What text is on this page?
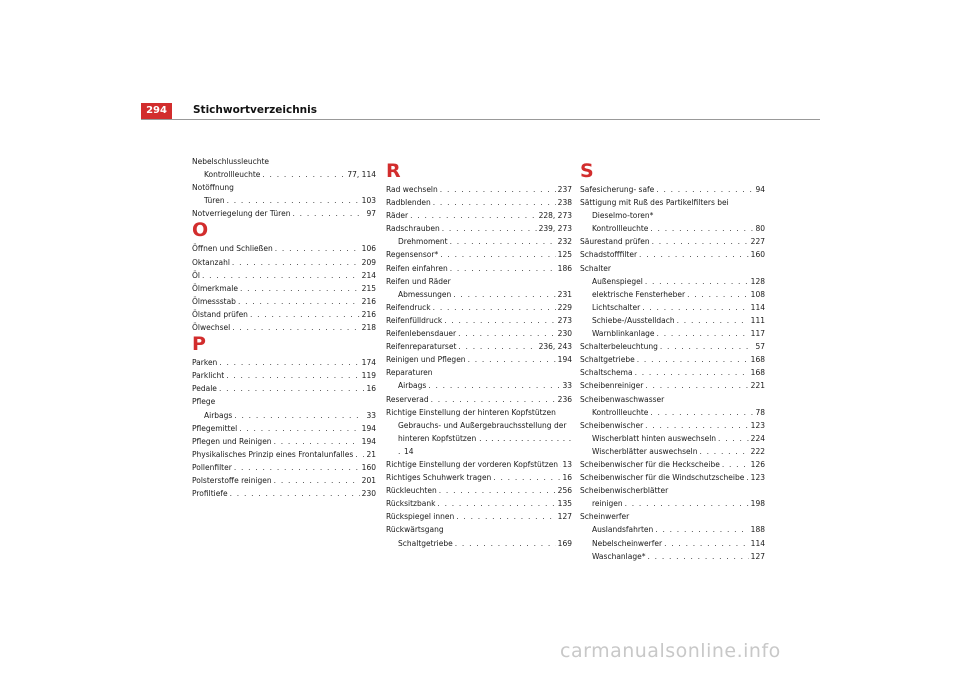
294	Stichwortverzeichnis
Nebelschlussleuchte
Kontrollleuchte . . .	77, 114
Notöffnung
Türen . . .	103
Notverriegelung der Türen . . .	97
O
Öffnen und Schließen . . .	106
Oktanzahl . . .	209
Öl . . .	214
Ölmerkmale . . .	215
Ölmessstab . . .	216
Ölstand prüfen . . .	216
Ölwechsel . . .	218
P
Parken . . .	174
Parklicht . . .	119
Pedale . . .	16
Pflege
Airbags . . .	33
Pflegemittel . . .	194
Pflegen und Reinigen . . .	194
Physikalisches Prinzip eines Frontalunfalles . . . 21
Pollenfilter . . .	160
Polsterstoffe reinigen . . .	201
Profiltiefe . . .	230
R
Rad wechseln . . .	237
Radblenden . . .	238
Räder . . .	228, 273
Radschrauben . . .	239, 273
Drehmoment . . .	232
Regensensor* . . .	125
Reifen einfahren . . .	186
Reifen und Räder
Abmessungen . . .	231
Reifendruck . . .	229
Reifenfülldruck . . .	273
Reifenlebensdauer . . .	230
Reifenreparaturset . . .	236, 243
Reinigen und Pflegen . . .	194
Reparaturen
Airbags . . .	33
Reserverad . . .	236
Richtige Einstellung der hinteren Kopfstützen
Gebrauchs- und Außergebrauchsstellung der hinteren Kopfstützen . . . . . . . . . . . . . . . . . 14
Richtige Einstellung der vorderen Kopfstützen . . . 13
Richtiges Schuhwerk tragen . . .	16
Rückleuchten . . .	256
Rücksitzbank . . .	135
Rückspiegel innen . . .	127
Rückwärtsgang
Schaltgetriebe . . .	169
S
Safesicherung- safe . . .	94
Sättigung mit Ruß des Partikelfilters bei Dieselmo-toren*
Kontrollleuchte . . .	80
Säurestand prüfen . . .	227
Schadstofffilter . . .	160
Schalter
Außenspiegel . . .	128
elektrische Fensterheber . . .	108
Lichtschalter . . .	114
Schiebe-/Ausstelldach . . .	111
Warnblinkanlage . . .	117
Schalterbeleuchtung . . .	57
Schaltgetriebe . . .	168
Schaltschema . . .	168
Scheibenreiniger . . .	221
Scheibenwaschwasser
Kontrollleuchte . . .	78
Scheibenwischer . . .	123
Wischerblatt hinten auswechseln . . .	224
Wischerblätter auswechseln . . .	222
Scheibenwischer für die Heckscheibe . . .	126
Scheibenwischer für die Windschutzscheibe . . . 123
Scheibenwischerblätter
reinigen . . .	198
Scheinwerfer
Auslandsfahrten . . .	188
Nebelscheinwerfer . . .	114
Waschanlage* . . .	127
carmanualsonline.info
